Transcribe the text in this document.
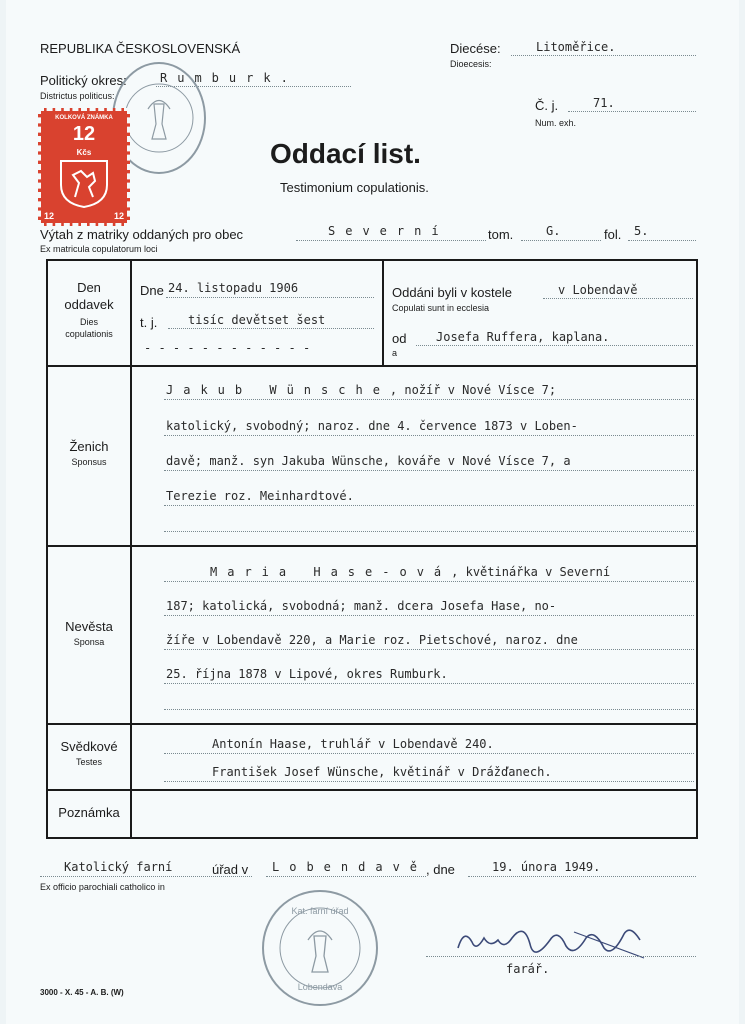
REPUBLIKA ČESKOSLOVENSKÁ
Politický okres:	Rumburk.
Districtus politicus:
Diecése:	Litoměřice.
Dioecesis:
Č. j.	71.
Num. exh.
KOLKOVÁ ZNÁMKA
12
Kčs
12	12
Oddací list.
Testimonium copulationis.
Výtah z matriky oddaných pro obec	Severní	tom.	G.	fol. 5.
Ex matricula copulatorum loci
Den oddavek
Dies copulationis
Dne 24. listopadu 1906
t. j.	tisíc devětset šest
- - - - - - - - - - - -
Oddáni byli v kostele	v Lobendavě
Copulati sunt in ecclesia
od Josefa Ruffera, kaplana.
a
Ženich
Sponsus
Jakub Wünsche, nožíř v Nové Vísce 7;
katolický, svobodný; naroz. dne 4. července 1873 v Loben-
davě; manž. syn Jakuba Wünsche, kováře v Nové Vísce 7, a
Terezie roz. Meinhardtové.
Nevěsta
Sponsa
Maria Hase-ová, květinářka v Severní
187; katolická, svobodná; manž. dcera Josefa Hase, no-
žíře v Lobendavě 220, a Marie roz. Pietschové, naroz. dne
25. října 1878 v Lipové, okres Rumburk.
Svědkové
Testes
Antonín Haase, truhlář v Lobendavě 240.
František Josef Wünsche, květinář v Drážďanech.
Poznámka
Katolický farní	úřad v Lobendavě
, dne	19. února 1949.
Ex officio parochiali catholico in
Kat. farní úřad
Lobendava
farář.
3000 - X. 45 - A. B. (W)
